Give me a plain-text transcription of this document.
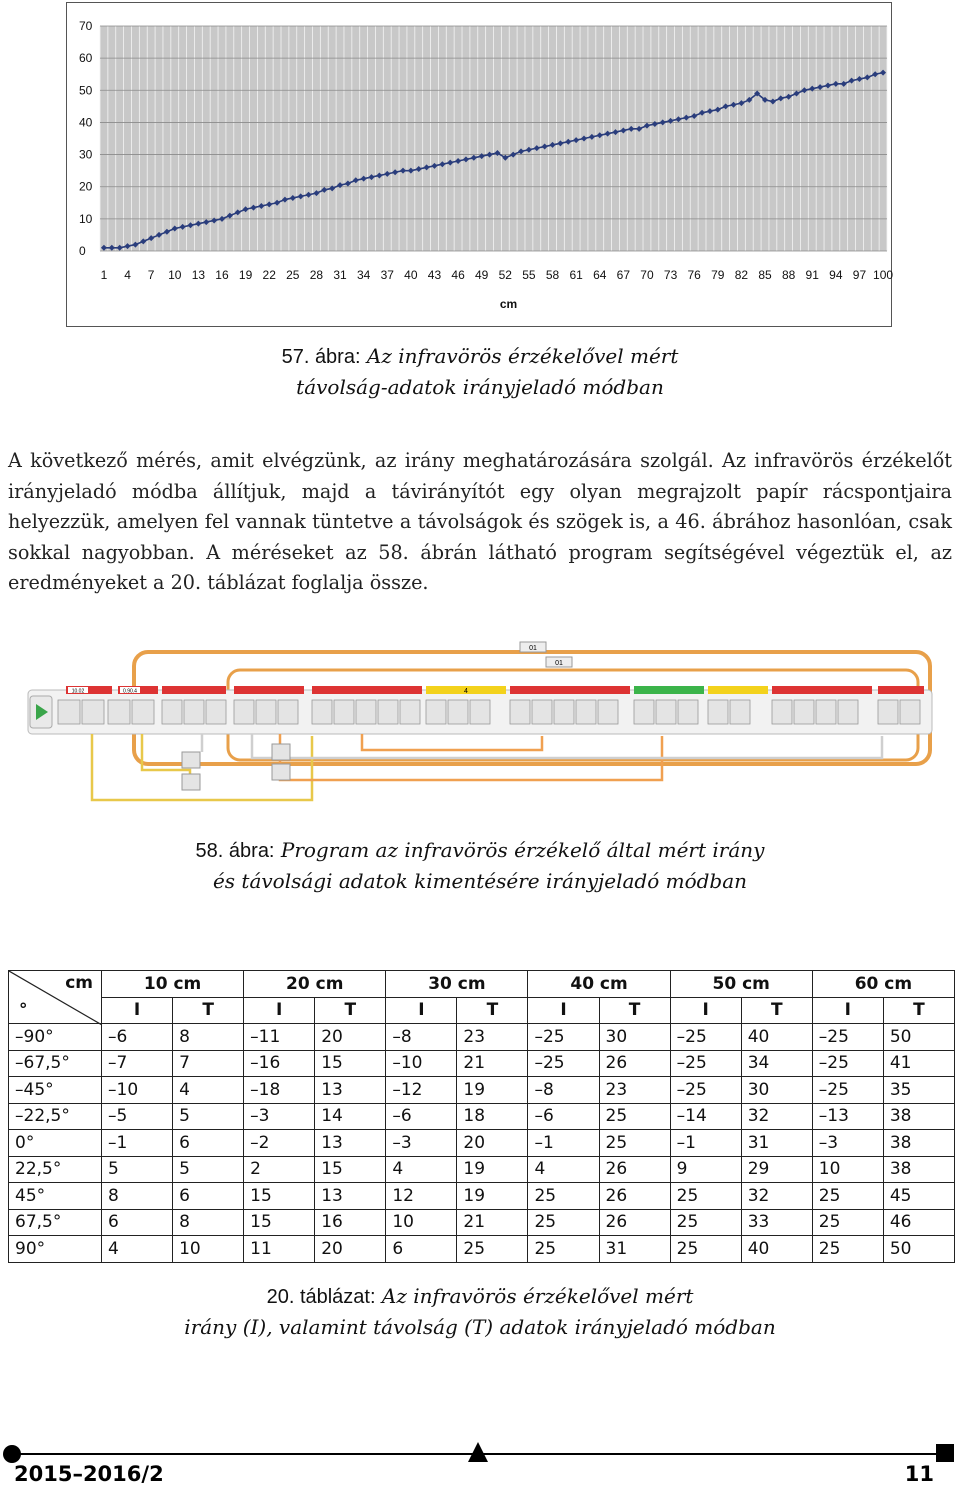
0
10
20
30
40
50
60
70
1 4 7 10 13 16 19 22 25 28 31 34 37 40 43 46 49 52 55 58 61 64 67 70 73 76 79 82 85 88 91 94 97 100
cm
57. ábra: Az infravörös érzékelővel mért
távolság-adatok irányjeladó módban
A következő mérés, amit elvégzünk, az irány meghatározására szolgál. Az infravörös érzékelőt irányjeladó módba állítjuk, majd a távirányítót egy olyan megrajzolt papír rácspontjaira helyezzük, amelyen fel vannak tüntetve a távolságok és szögek is, a 46. ábrához hasonlóan, csak sokkal nagyobban. A méréseket az 58. ábrán látható program segítségével végeztük el, az eredményeket a 20. táblázat foglalja össze.
01
01
10.02	0.90.4	4
58. ábra: Program az infravörös érzékelő által mért irány
és távolsági adatok kimentésére irányjeladó módban
cm
°	10 cm		20 cm		30 cm		40 cm		50 cm		60 cm	
	I	T	I	T	I	T	I	T	I	T	I	T
–90°	–6	8	–11	20	–8	23	–25	30	–25	40	–25	50
–67,5°	–7	7	–16	15	–10	21	–25	26	–25	34	–25	41
–45°	–10	4	–18	13	–12	19	–8	23	–25	30	–25	35
–22,5°	–5	5	–3	14	–6	18	–6	25	–14	32	–13	38
0°	–1	6	–2	13	–3	20	–1	25	–1	31	–3	38
22,5°	5	5	2	15	4	19	4	26	9	29	10	38
45°	8	6	15	13	12	19	25	26	25	32	25	45
67,5°	6	8	15	16	10	21	25	26	25	33	25	46
90°	4	10	11	20	6	25	25	31	25	40	25	50
20. táblázat: Az infravörös érzékelővel mért
irány (I), valamint távolság (T) adatok irányjeladó módban
2015–2016/2	11
